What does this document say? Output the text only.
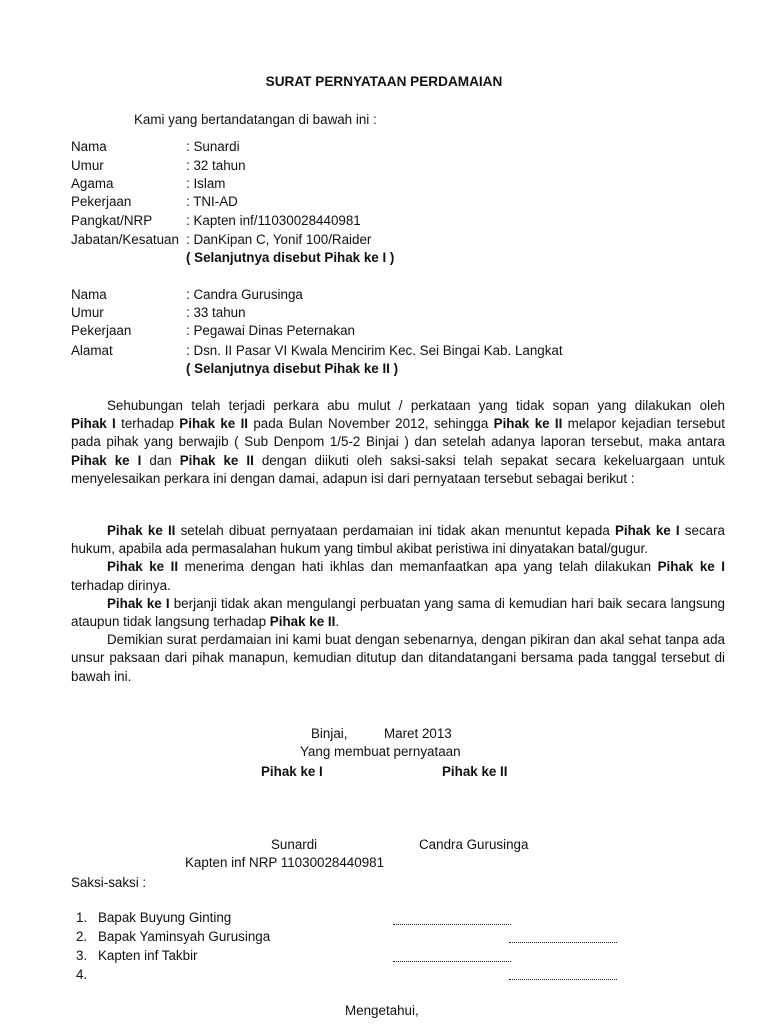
SURAT PERNYATAAN PERDAMAIAN
Kami yang bertandatangan di bawah ini :
Nama	: Sunardi
Umur	: 32 tahun
Agama	: Islam
Pekerjaan	: TNI-AD
Pangkat/NRP	: Kapten inf/11030028440981
Jabatan/Kesatuan : DanKipan C, Yonif 100/Raider
( Selanjutnya disebut Pihak ke I )
Nama	: Candra Gurusinga
Umur	: 33 tahun
Pekerjaan	: Pegawai Dinas Peternakan
Alamat	: Dsn. II Pasar VI Kwala Mencirim Kec. Sei Bingai Kab. Langkat
( Selanjutnya disebut Pihak ke II )

Sehubungan telah terjadi perkara abu mulut / perkataan yang tidak sopan yang dilakukan oleh

Pihak I terhadap Pihak ke II pada Bulan November 2012, sehingga Pihak ke II melapor kejadian tersebut pada pihak yang berwajib ( Sub Denpom 1/5-2 Binjai ) dan setelah adanya laporan tersebut, maka antara Pihak ke I dan Pihak ke II dengan diikuti oleh saksi-saksi telah sepakat secara kekeluargaan untuk menyelesaikan perkara ini dengan damai, adapun isi dari pernyataan tersebut sebagai berikut :

Pihak ke II setelah dibuat pernyataan perdamaian ini tidak akan menuntut kepada Pihak ke I secara hukum, apabila ada permasalahan hukum yang timbul akibat peristiwa ini dinyatakan batal/gugur.

Pihak ke II menerima dengan hati ikhlas dan memanfaatkan apa yang telah dilakukan Pihak ke I terhadap dirinya.

Pihak ke I berjanji tidak akan mengulangi perbuatan yang sama di kemudian hari baik secara langsung ataupun tidak langsung terhadap Pihak ke II.

Demikian surat perdamaian ini kami buat dengan sebenarnya, dengan pikiran dan akal sehat tanpa ada unsur paksaan dari pihak manapun, kemudian ditutup dan ditandatangani bersama pada tanggal tersebut di bawah ini.

Binjai,	Maret 2013
Yang membuat pernyataan
Pihak ke I	Pihak ke II
Sunardi	Candra Gurusinga
Kapten inf NRP 11030028440981
Saksi-saksi :
1. Bapak Buyung Ginting
2. Bapak Yaminsyah Gurusinga
3. Kapten inf Takbir
4.
Mengetahui,
